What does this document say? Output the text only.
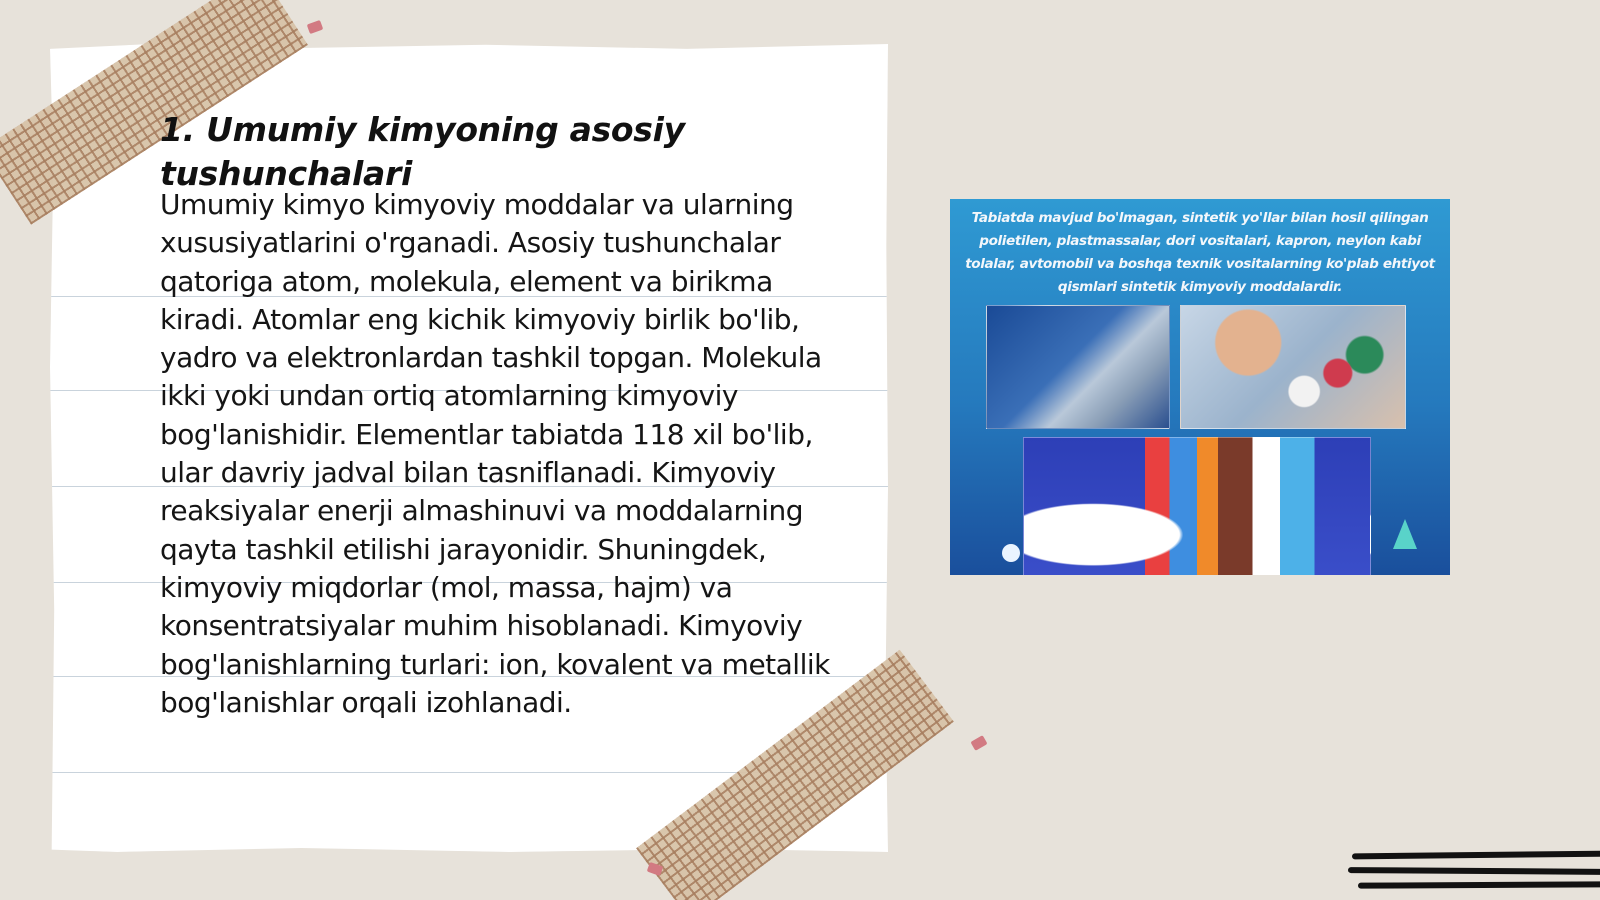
1. Umumiy kimyoning asosiy tushunchalari

Umumiy kimyo kimyoviy moddalar va ularning xususiyatlarini o'rganadi. Asosiy tushunchalar qatoriga atom, molekula, element va birikma kiradi. Atomlar eng kichik kimyoviy birlik bo'lib, yadro va elektronlardan tashkil topgan. Molekula ikki yoki undan ortiq atomlarning kimyoviy bog'lanishidir. Elementlar tabiatda 118 xil bo'lib, ular davriy jadval bilan tasniflanadi. Kimyoviy reaksiyalar enerji almashinuvi va moddalarning qayta tashkil etilishi jarayonidir. Shuningdek, kimyoviy miqdorlar (mol, massa, hajm) va konsentratsiyalar muhim hisoblanadi. Kimyoviy bog'lanishlarning turlari: ion, kovalent va metallik bog'lanishlar orqali izohlanadi.

Tabiatda mavjud bo'lmagan, sintetik yo'llar bilan hosil qilingan polietilen, plastmassalar, dori vositalari, kapron, neylon kabi tolalar, avtomobil va boshqa texnik vositalarning ko'plab ehtiyot qismlari sintetik kimyoviy moddalardir.
